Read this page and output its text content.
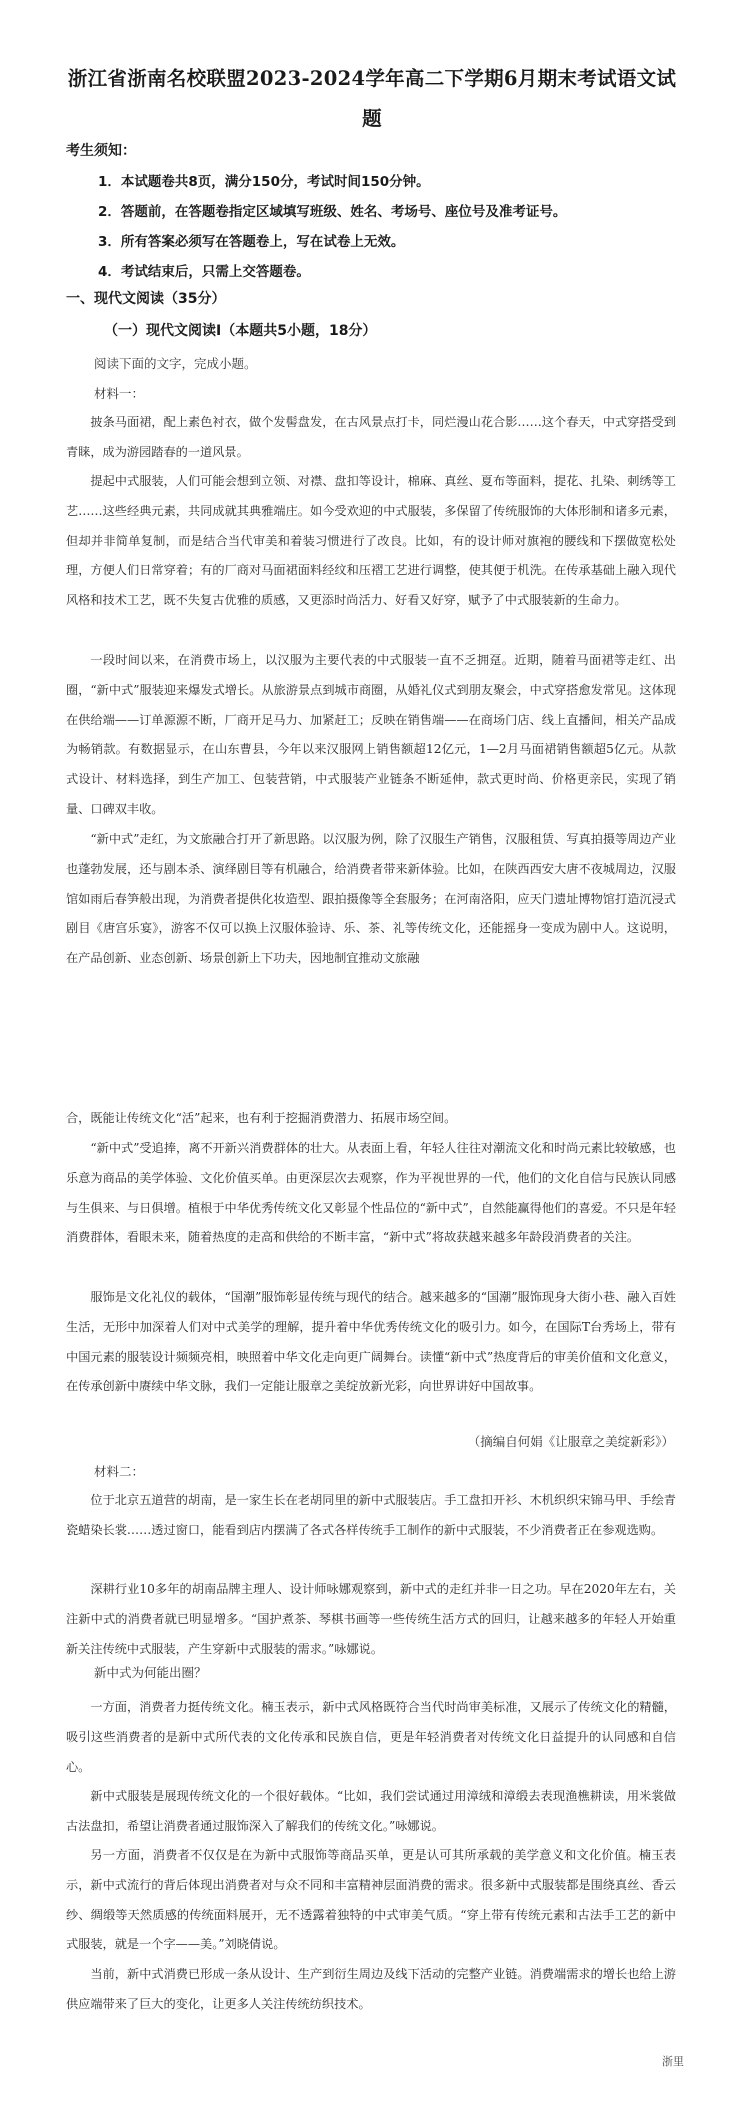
浙江省浙南名校联盟2023-2024学年高二下学期6月期末考试语文试
题
考生须知：
1．本试题卷共8页，满分150分，考试时间150分钟。
2．答题前，在答题卷指定区域填写班级、姓名、考场号、座位号及准考证号。
3．所有答案必须写在答题卷上，写在试卷上无效。
4．考试结束后，只需上交答题卷。
一、现代文阅读（35分）
（一）现代文阅读Ⅰ（本题共5小题，18分）
阅读下面的文字，完成小题。
材料一：

披条马面裙，配上素色衬衣，做个发髻盘发，在古风景点打卡，同烂漫山花合影……这个春天，中式穿搭受到青睐，成为游园踏春的一道风景。

提起中式服装，人们可能会想到立领、对襟、盘扣等设计，棉麻、真丝、夏布等面料，提花、扎染、刺绣等工艺……这些经典元素，共同成就其典雅端庄。如今受欢迎的中式服装，多保留了传统服饰的大体形制和诸多元素，但却并非简单复制，而是结合当代审美和着装习惯进行了改良。比如，有的设计师对旗袍的腰线和下摆做宽松处理，方便人们日常穿着；有的厂商对马面裙面料经纹和压褶工艺进行调整，使其便于机洗。在传承基础上融入现代风格和技术工艺，既不失复古优雅的质感，又更添时尚活力、好看又好穿，赋予了中式服装新的生命力。

一段时间以来，在消费市场上，以汉服为主要代表的中式服装一直不乏拥趸。近期，随着马面裙等走红、出圈，“新中式”服装迎来爆发式增长。从旅游景点到城市商圈，从婚礼仪式到朋友聚会，中式穿搭愈发常见。这体现在供给端——订单源源不断，厂商开足马力、加紧赶工；反映在销售端——在商场门店、线上直播间，相关产品成为畅销款。有数据显示，在山东曹县，今年以来汉服网上销售额超12亿元，1—2月马面裙销售额超5亿元。从款式设计、材料选择，到生产加工、包装营销，中式服装产业链条不断延伸，款式更时尚、价格更亲民，实现了销量、口碑双丰收。

“新中式”走红，为文旅融合打开了新思路。以汉服为例，除了汉服生产销售，汉服租赁、写真拍摄等周边产业也蓬勃发展，还与剧本杀、演绎剧目等有机融合，给消费者带来新体验。比如，在陕西西安大唐不夜城周边，汉服馆如雨后春笋般出现，为消费者提供化妆造型、跟拍摄像等全套服务；在河南洛阳，应天门遗址博物馆打造沉浸式剧目《唐宫乐宴》，游客不仅可以换上汉服体验诗、乐、茶、礼等传统文化，还能摇身一变成为剧中人。这说明，在产品创新、业态创新、场景创新上下功夫，因地制宜推动文旅融

合，既能让传统文化“活”起来，也有利于挖掘消费潜力、拓展市场空间。

“新中式”受追捧，离不开新兴消费群体的壮大。从表面上看，年轻人往往对潮流文化和时尚元素比较敏感，也乐意为商品的美学体验、文化价值买单。由更深层次去观察，作为平视世界的一代，他们的文化自信与民族认同感与生俱来、与日俱增。植根于中华优秀传统文化又彰显个性品位的“新中式”，自然能赢得他们的喜爱。不只是年轻消费群体，看眼未来，随着热度的走高和供给的不断丰富，“新中式”将故获越来越多年龄段消费者的关注。

服饰是文化礼仪的载体，“国潮”服饰彰显传统与现代的结合。越来越多的“国潮”服饰现身大街小巷、融入百姓生活，无形中加深着人们对中式美学的理解，提升着中华优秀传统文化的吸引力。如今，在国际T台秀场上，带有中国元素的服装设计频频亮相，映照着中华文化走向更广阔舞台。读懂“新中式”热度背后的审美价值和文化意义，在传承创新中赓续中华文脉，我们一定能让服章之美绽放新光彩，向世界讲好中国故事。

（摘编自何娟《让服章之美绽新彩》）
材料二：

位于北京五道营的胡南，是一家生长在老胡同里的新中式服装店。手工盘扣开衫、木机织织宋锦马甲、手绘青瓷蜡染长裳……透过窗口，能看到店内摆满了各式各样传统手工制作的新中式服装，不少消费者正在参观选购。

深耕行业10多年的胡南品牌主理人、设计师咏娜观察到，新中式的走红并非一日之功。早在2020年左右，关注新中式的消费者就已明显增多。“国护煮茶、琴棋书画等一些传统生活方式的回归，让越来越多的年轻人开始重新关注传统中式服装，产生穿新中式服装的需求。”咏娜说。

新中式为何能出圈？

一方面，消费者力挺传统文化。楠玉表示，新中式风格既符合当代时尚审美标准，又展示了传统文化的精髓，吸引这些消费者的是新中式所代表的文化传承和民族自信，更是年轻消费者对传统文化日益提升的认同感和自信心。

新中式服装是展现传统文化的一个很好载体。“比如，我们尝试通过用漳绒和漳缎去表现渔樵耕读，用米裳做古法盘扣，希望让消费者通过服饰深入了解我们的传统文化。”咏娜说。

另一方面，消费者不仅仅是在为新中式服饰等商品买单，更是认可其所承载的美学意义和文化价值。楠玉表示，新中式流行的背后体现出消费者对与众不同和丰富精神层面消费的需求。很多新中式服装都是围绕真丝、香云纱、绸缎等天然质感的传统面料展开，无不透露着独特的中式审美气质。“穿上带有传统元素和古法手工艺的新中式服装，就是一个字——美。”刘晓倩说。

当前，新中式消费已形成一条从设计、生产到衍生周边及线下活动的完整产业链。消费端需求的增长也给上游供应端带来了巨大的变化，让更多人关注传统纺织技术。

浙里
